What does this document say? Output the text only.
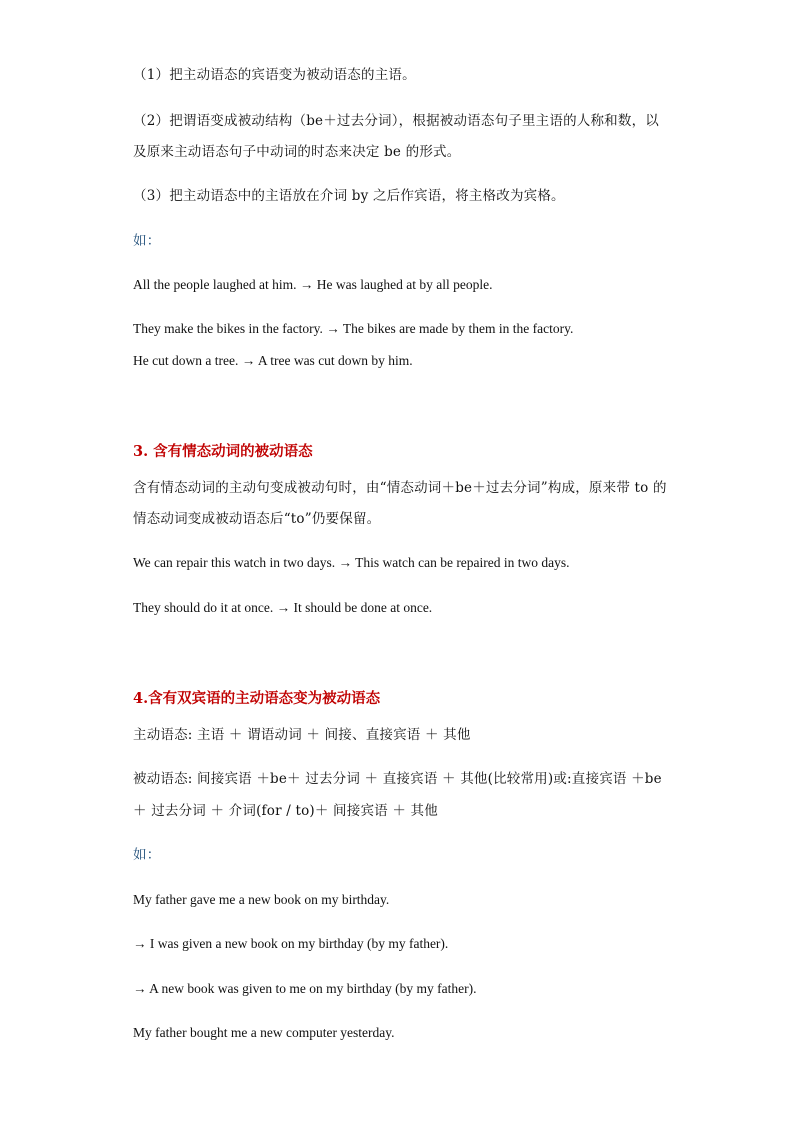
（1）把主动语态的宾语变为被动语态的主语。
（2）把谓语变成被动结构（be＋过去分词），根据被动语态句子里主语的人称和数，以
及原来主动语态句子中动词的时态来决定 be 的形式。
（3）把主动语态中的主语放在介词 by 之后作宾语，将主格改为宾格。
如：
All the people laughed at him. → He was laughed at by all people.
They make the bikes in the factory. → The bikes are made by them in the factory.
He cut down a tree. → A tree was cut down by him.
3. 含有情态动词的被动语态
含有情态动词的主动句变成被动句时，由“情态动词＋be＋过去分词”构成，原来带 to 的
情态动词变成被动语态后“to”仍要保留。
We can repair this watch in two days. → This watch can be repaired in two days.
They should do it at once. → It should be done at once.
4.含有双宾语的主动语态变为被动语态
主动语态: 主语 ＋ 谓语动词 ＋ 间接、直接宾语 ＋ 其他
被动语态: 间接宾语 ＋be＋ 过去分词 ＋ 直接宾语 ＋ 其他(比较常用)或:直接宾语 ＋be
＋ 过去分词 ＋ 介词(for / to)＋ 间接宾语 ＋ 其他
如：
My father gave me a new book on my birthday.
→ I was given a new book on my birthday (by my father).
→ A new book was given to me on my birthday (by my father).
My father bought me a new computer yesterday.
